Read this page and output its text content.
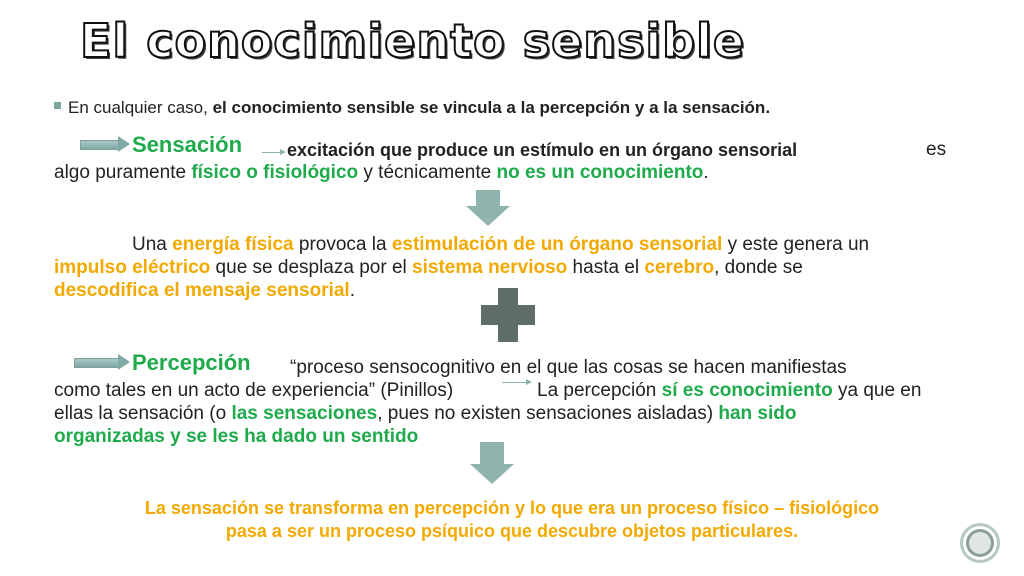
El conocimiento sensible
En cualquier caso, el conocimiento sensible se vincula a la percepción y a la sensación.
Sensación excitación que produce un estímulo en un órgano sensorial	es
algo puramente físico o fisiológico y técnicamente no es un conocimiento.
Una energía física provoca la estimulación de un órgano sensorial y este genera un
impulso eléctrico que se desplaza por el sistema nervioso hasta el cerebro, donde se
descodifica el mensaje sensorial.
Percepción “proceso sensocognitivo en el que las cosas se hacen manifiestas
como tales en un acto de experiencia” (Pinillos)	La percepción sí es conocimiento ya que en
ellas la sensación (o las sensaciones, pues no existen sensaciones aisladas) han sido
organizadas y se les ha dado un sentido
La sensación se transforma en percepción y lo que era un proceso físico – fisiológico
pasa a ser un proceso psíquico que descubre objetos particulares.
